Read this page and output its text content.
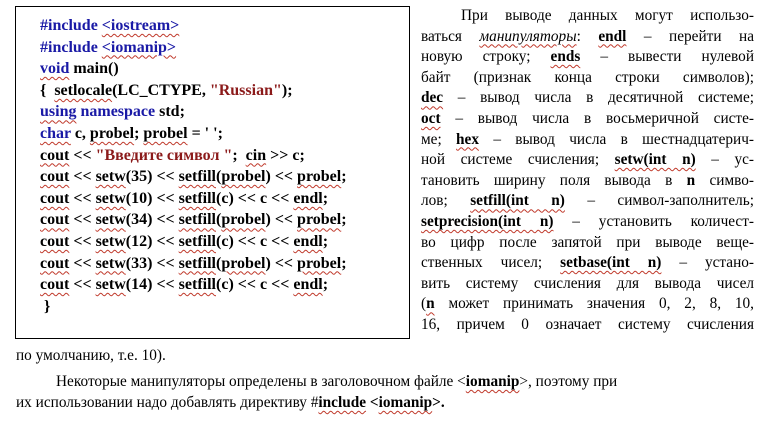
#include <iostream>
#include <iomanip>
void main()
{  setlocale(LC_CTYPE, "Russian");
using namespace std;
char c, probel; probel = ' ';
cout << "Введите символ ";  cin >> c;
cout << setw(35) << setfill(probel) << probel;
cout << setw(10) << setfill(c) << c << endl;
cout << setw(34) << setfill(probel) << probel;
cout << setw(12) << setfill(c) << c << endl;
cout << setw(33) << setfill(probel) << probel;
cout << setw(14) << setfill(c) << c << endl;
}
При выводе данных могут использо-
ваться манипуляторы: endl – перейти на
новую строку; ends – вывести нулевой
байт (признак конца строки символов);
dec – вывод числа в десятичной системе;
oct – вывод числа в восьмеричной систе-
ме; hex – вывод числа в шестнадцатерич-
ной системе счисления; setw(int n) – ус-
тановить ширину поля вывода в n симво-
лов; setfill(int n) – символ-заполнитель;
setprecision(int n) – установить количест-
во цифр после запятой при выводе веще-
ственных чисел; setbase(int n) – устано-
вить систему счисления для вывода чисел
(n может принимать значения 0, 2, 8, 10,
16, причем 0 означает систему счисления
по умолчанию, т.е. 10).
Некоторые манипуляторы определены в заголовочном файле <iomanip>, поэтому при
их использовании надо добавлять директиву #include <iomanip>.
